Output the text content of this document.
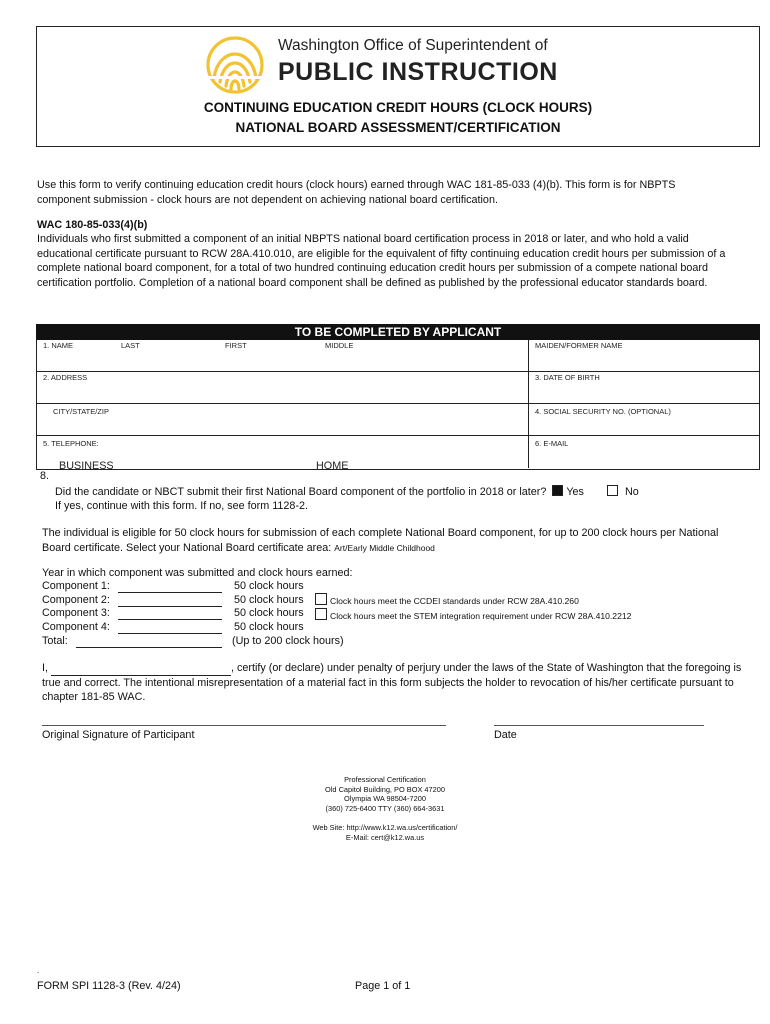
Washington Office of Superintendent of
PUBLIC INSTRUCTION
CONTINUING EDUCATION CREDIT HOURS (CLOCK HOURS)
NATIONAL BOARD ASSESSMENT/CERTIFICATION
Use this form to verify continuing education credit hours (clock hours) earned through WAC 181-85-033 (4)(b). This form is for NBPTS component submission - clock hours are not dependent on achieving national board certification.
WAC 180-85-033(4)(b)
Individuals who first submitted a component of an initial NBPTS national board certification process in 2018 or later, and who hold a valid educational certificate pursuant to RCW 28A.410.010, are eligible for the equivalent of fifty continuing education credit hours per submission of a complete national board component, for a total of two hundred continuing education credit hours per submission of a compete national board certification portfolio. Completion of a national board component shall be defined as published by the professional educator standards board.
TO BE COMPLETED BY APPLICANT
1. NAME	LAST	FIRST	MIDDLE	MAIDEN/FORMER NAME
2. ADDRESS	3. DATE OF BIRTH
CITY/STATE/ZIP	4. SOCIAL SECURITY NO. (OPTIONAL)
5. TELEPHONE:	6. E-MAIL
BUSINESS	HOME
8.
Did the candidate or NBCT submit their first National Board component of the portfolio in 2018 or later? Yes	No
If yes, continue with this form. If no, see form 1128-2.
The individual is eligible for 50 clock hours for submission of each complete National Board component, for up to 200 clock hours per National Board certificate. Select your National Board certificate area: Art/Early Middle Childhood
Year in which component was submitted and clock hours earned:
Component 1:	50 clock hours
Component 2:	50 clock hours
Component 3:	50 clock hours
Component 4:	50 clock hours
Total:	(Up to 200 clock hours)
Clock hours meet the CCDEI standards under RCW 28A.410.260
Clock hours meet the STEM integration requirement under RCW 28A.410.2212
I,	, certify (or declare) under penalty of perjury under the laws of the State of Washington that the foregoing is true and correct. The intentional misrepresentation of a material fact in this form subjects the holder to revocation of his/her certificate pursuant to chapter 181-85 WAC.
Original Signature of Participant	Date
Professional Certification
Old Capitol Building, PO BOX 47200
Olympia WA 98504-7200
(360) 725-6400 TTY (360) 664-3631
Web Site: http://www.k12.wa.us/certification/
E-Mail: cert@k12.wa.us
.
FORM SPI 1128-3 (Rev. 4/24)	Page 1 of 1
